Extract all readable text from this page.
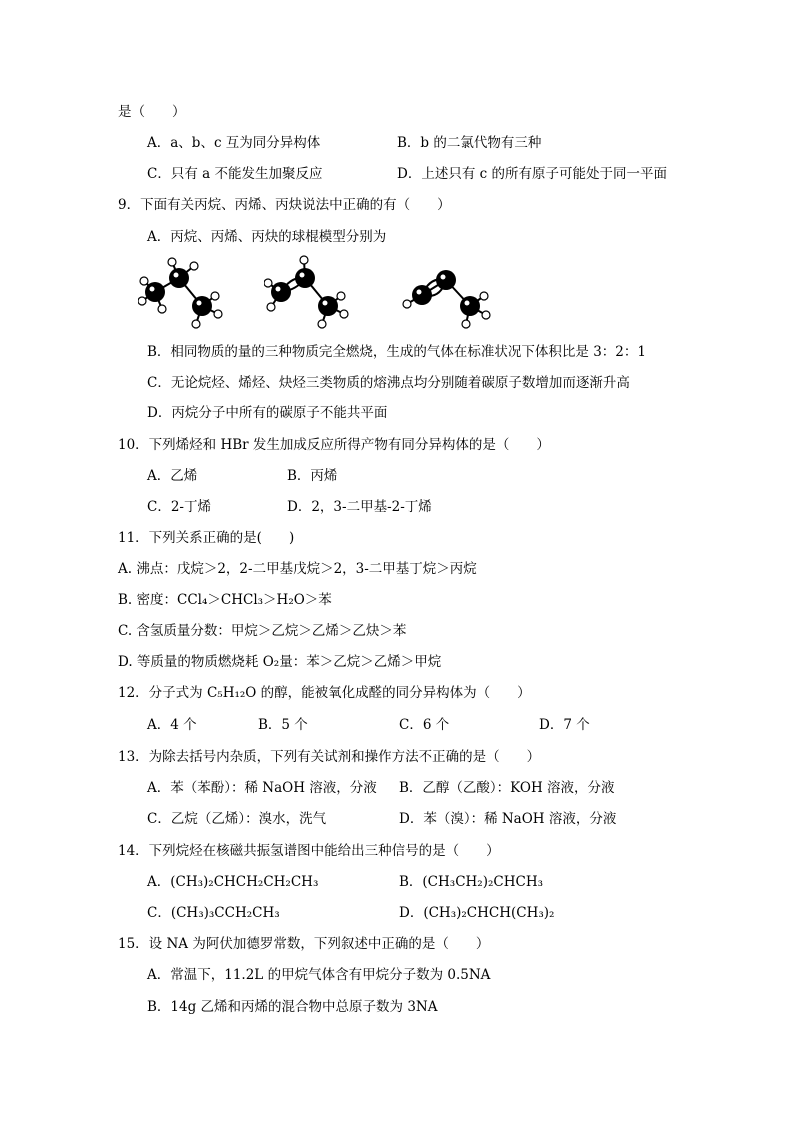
是（　　）
A．a、b、c 互为同分异构体	B．b 的二氯代物有三种
C．只有 a 不能发生加聚反应	D．上述只有 c 的所有原子可能处于同一平面
9．下面有关丙烷、丙烯、丙炔说法中正确的有（　　）
A．丙烷、丙烯、丙炔的球棍模型分别为
B．相同物质的量的三种物质完全燃烧，生成的气体在标准状况下体积比是 3：2：1
C．无论烷烃、烯烃、炔烃三类物质的熔沸点均分别随着碳原子数增加而逐渐升高
D．丙烷分子中所有的碳原子不能共平面
10．下列烯烃和 HBr 发生加成反应所得产物有同分异构体的是（　　）
A．乙烯	B．丙烯
C．2-丁烯	D．2，3-二甲基-2-丁烯
11．下列关系正确的是(　　)
A. 沸点：戊烷＞2，2-二甲基戊烷＞2，3-二甲基丁烷＞丙烷
B. 密度：CCl₄＞CHCl₃＞H₂O＞苯
C. 含氢质量分数：甲烷＞乙烷＞乙烯＞乙炔＞苯
D. 等质量的物质燃烧耗 O₂量：苯＞乙烷＞乙烯＞甲烷
12．分子式为 C₅H₁₂O 的醇，能被氧化成醛的同分异构体为（　　）
A．4 个	B．5 个	C．6 个	D．7 个
13．为除去括号内杂质，下列有关试剂和操作方法不正确的是（　　）
A．苯（苯酚）：稀 NaOH 溶液，分液 B．乙醇（乙酸）：KOH 溶液，分液
C．乙烷（乙烯）：溴水，洗气	D．苯（溴）：稀 NaOH 溶液，分液
14．下列烷烃在核磁共振氢谱图中能给出三种信号的是（　　）
A．(CH₃)₂CHCH₂CH₂CH₃	B．(CH₃CH₂)₂CHCH₃
C．(CH₃)₃CCH₂CH₃	D．(CH₃)₂CHCH(CH₃)₂
15．设 NA 为阿伏加德罗常数，下列叙述中正确的是（　　）
A．常温下，11.2L 的甲烷气体含有甲烷分子数为 0.5NA
B．14g 乙烯和丙烯的混合物中总原子数为 3NA
